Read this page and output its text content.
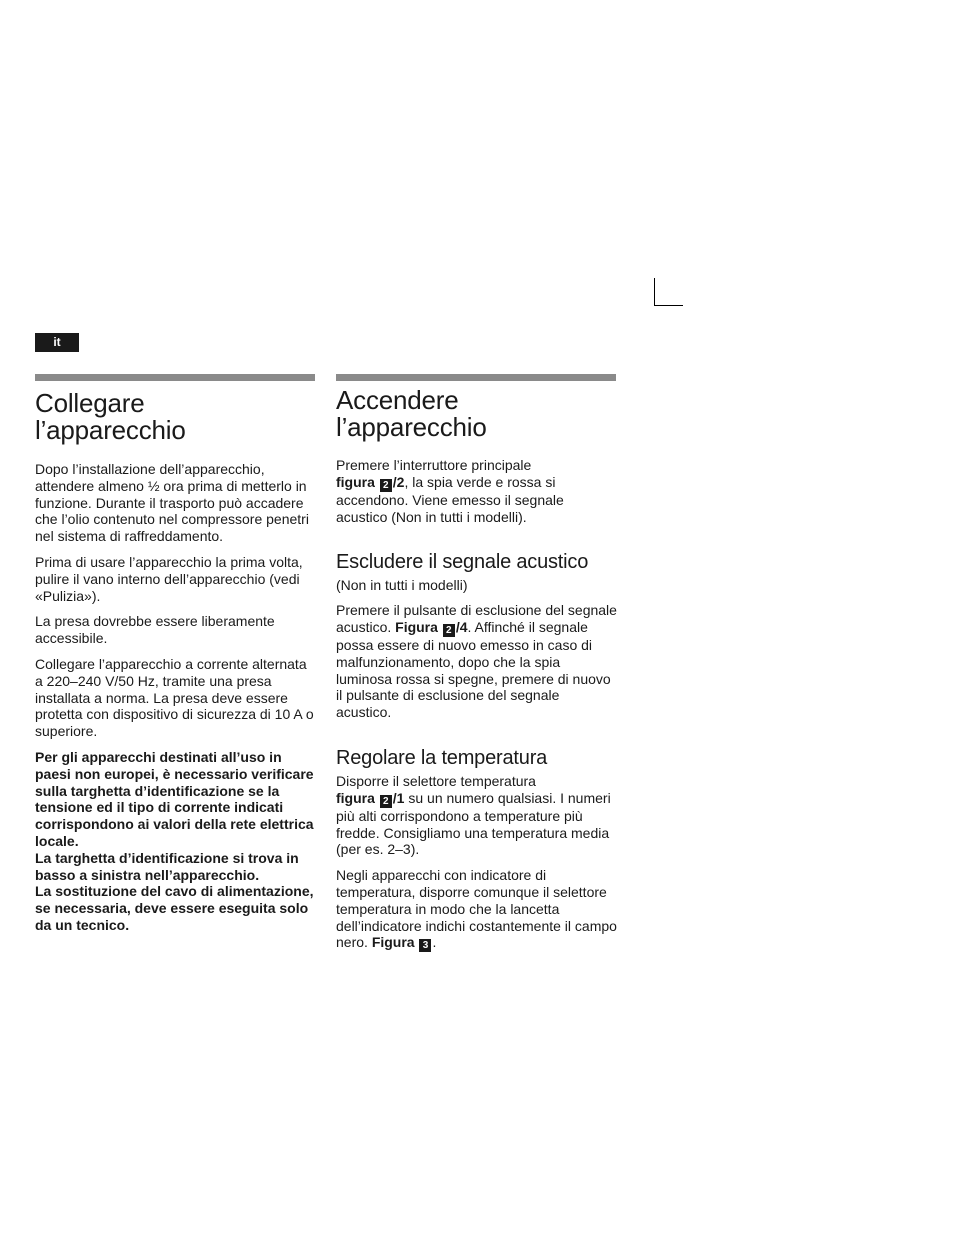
it
Collegare
l’apparecchio

Dopo l’installazione dell’apparecchio, attendere almeno ½ ora prima di metterlo in funzione. Durante il trasporto può accadere che l’olio contenuto nel compressore penetri nel sistema di raffreddamento.

Prima di usare l’apparecchio la prima volta, pulire il vano interno dell’apparecchio (vedi «Pulizia»).

La presa dovrebbe essere liberamente accessibile.

Collegare l’apparecchio a corrente alternata a 220–240 V/50 Hz, tramite una presa installata a norma. La presa deve essere protetta con dispositivo di sicurezza di 10 A o superiore.

Per gli apparecchi destinati all’uso in paesi non europei, è necessario verificare sulla targhetta d’identificazione se la tensione ed il tipo di corrente indicati corrispondono ai valori della rete elettrica locale.

La targhetta d’identificazione si trova in basso a sinistra nell’apparecchio.

La sostituzione del cavo di alimentazione, se necessaria, deve essere eseguita solo da un tecnico.

Accendere
l’apparecchio

Premere l’interruttore principale
figura 2 /2, la spia verde e rossa si accendono. Viene emesso il segnale acustico (Non in tutti i modelli).

Escludere il segnale acustico

(Non in tutti i modelli)

Premere il pulsante di esclusione del segnale acustico. Figura 2 /4. Affinché il segnale possa essere di nuovo emesso in caso di malfunzionamento, dopo che la spia luminosa rossa si spegne, premere di nuovo il pulsante di esclusione del segnale acustico.

Regolare la temperatura

Disporre il selettore temperatura
figura 2 /1 su un numero qualsiasi. I numeri più alti corrispondono a temperature più fredde. Consigliamo una temperatura media (per es. 2–3).

Negli apparecchi con indicatore di temperatura, disporre comunque il selettore temperatura in modo che la lancetta dell’indicatore indichi costantemente il campo nero. Figura 3 .
